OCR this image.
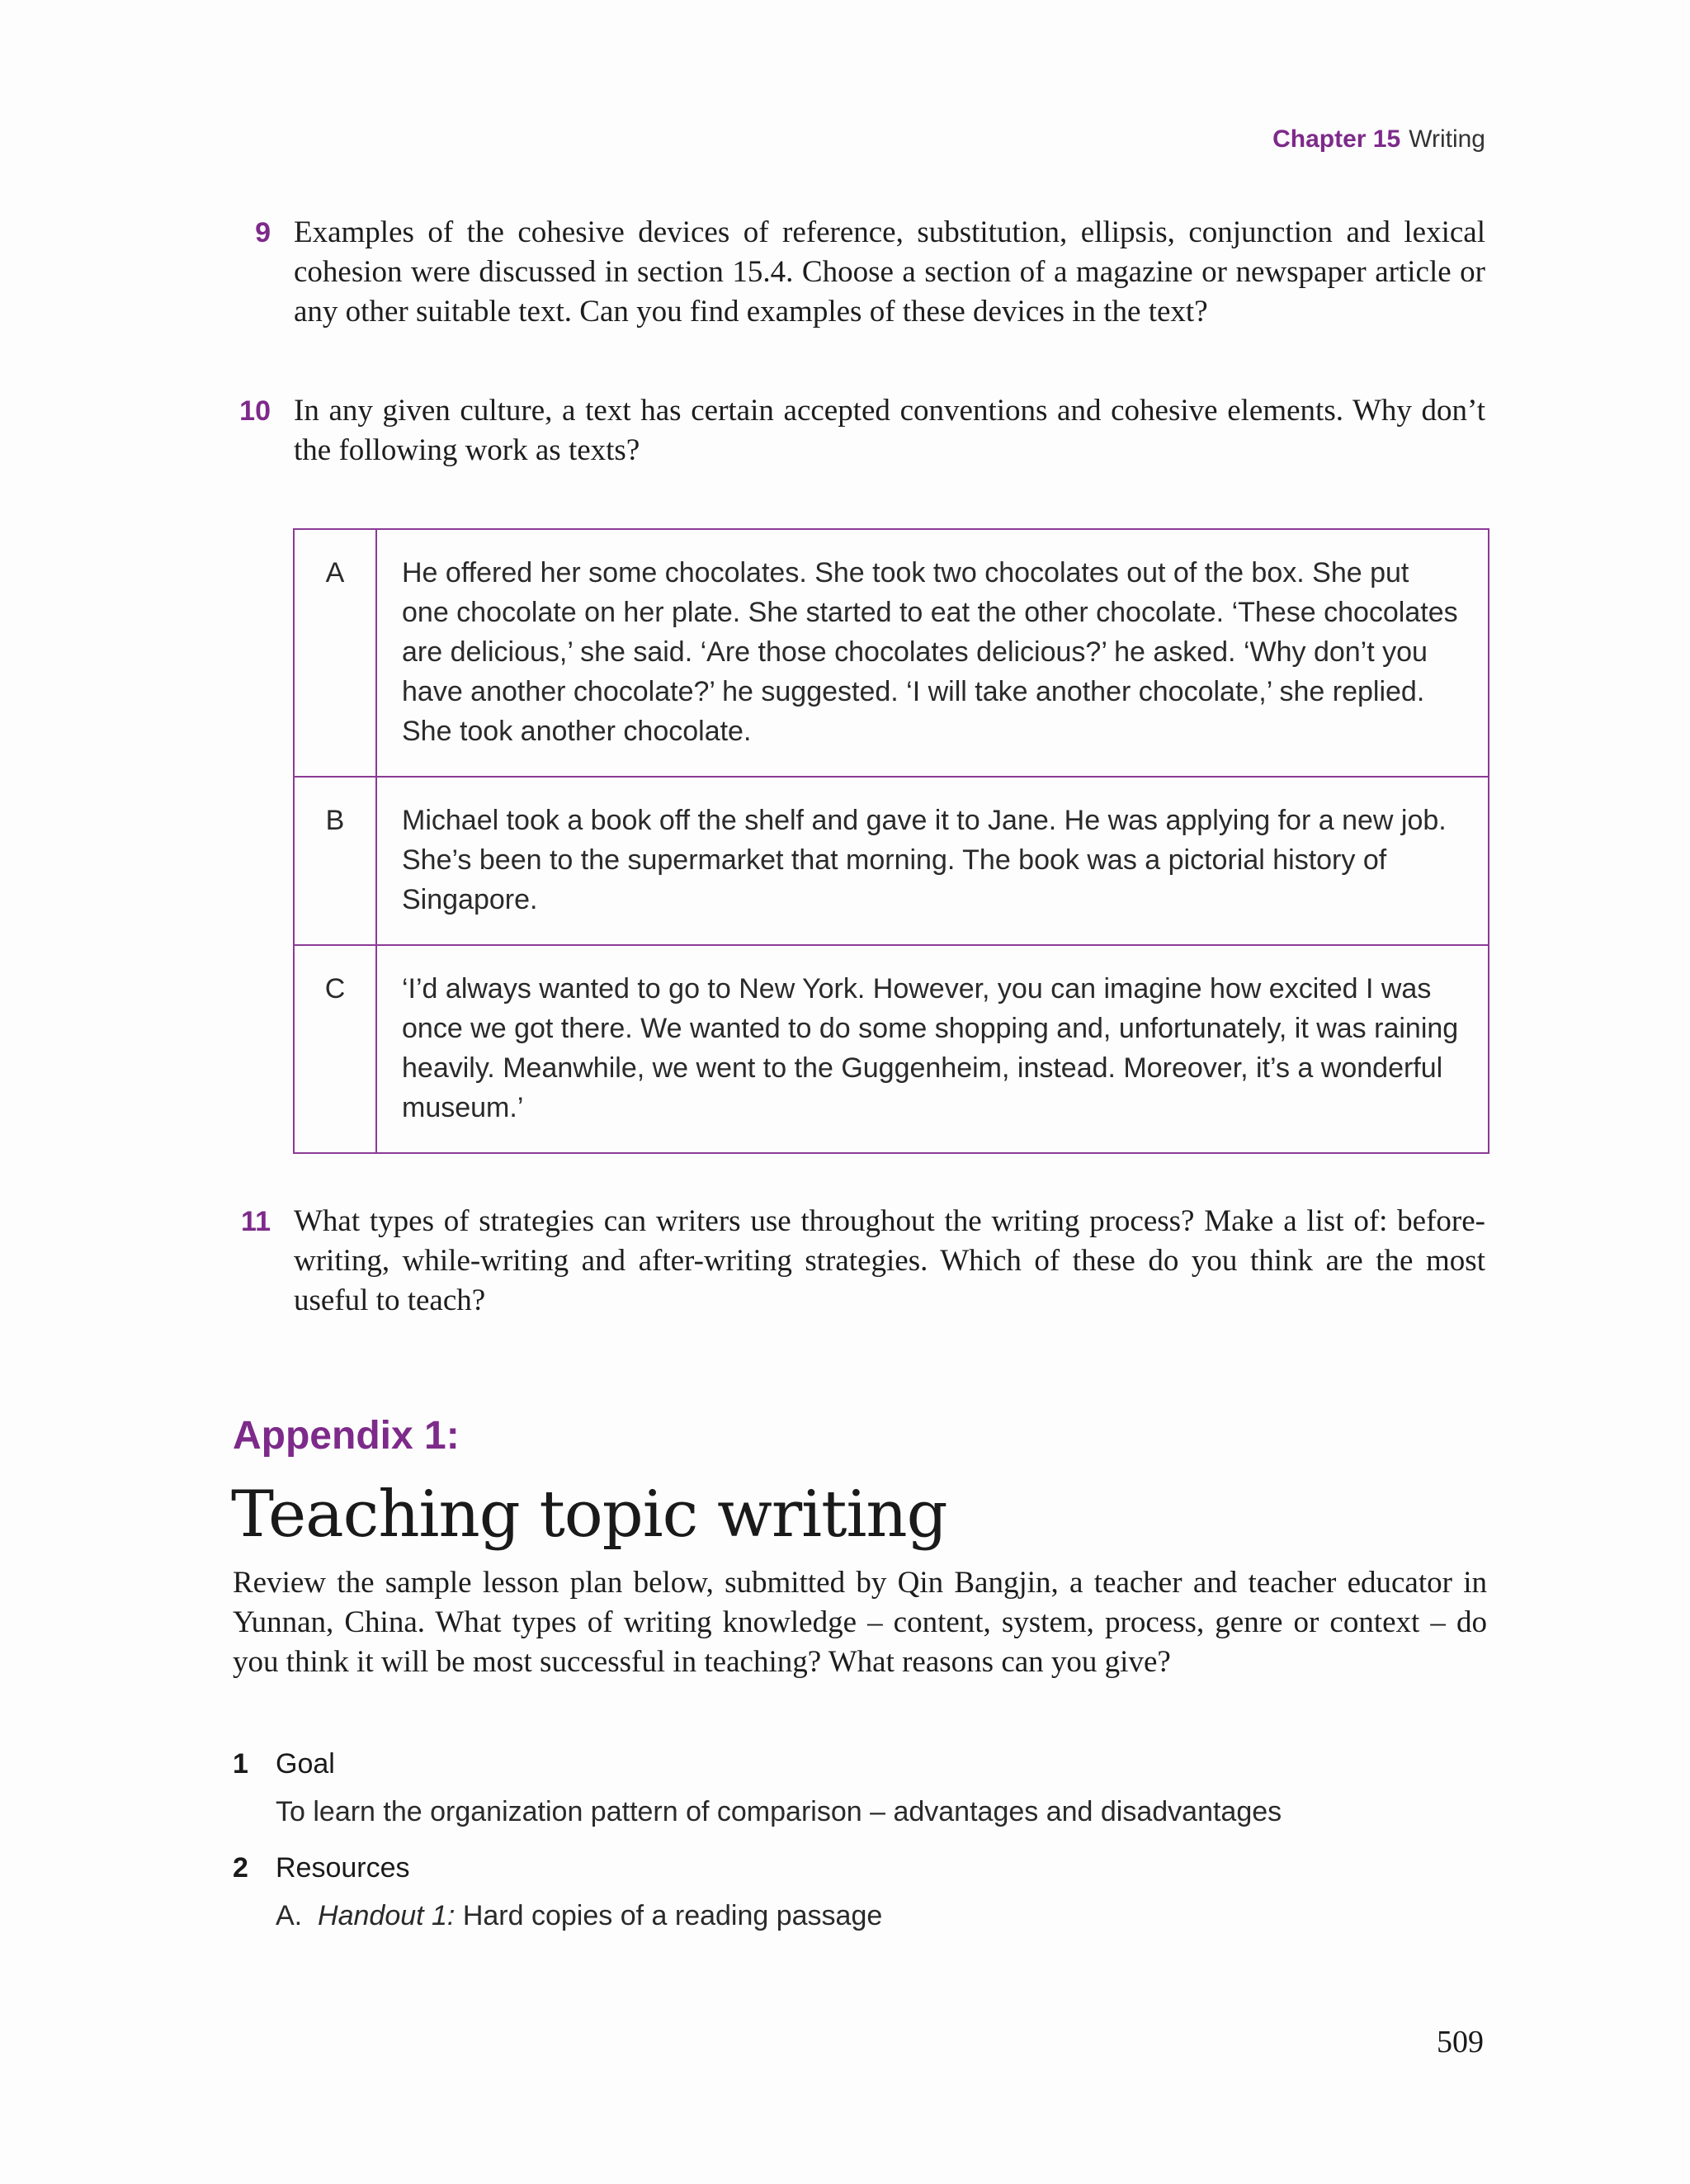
Chapter 15 Writing
9 Examples of the cohesive devices of reference, substitution, ellipsis, conjunction and lexical cohesion were discussed in section 15.4. Choose a section of a magazine or newspaper article or any other suitable text. Can you find examples of these devices in the text?
10 In any given culture, a text has certain accepted conventions and cohesive elements. Why don’t the following work as texts?
A	He offered her some chocolates. She took two chocolates out of the box. She put one chocolate on her plate. She started to eat the other chocolate. ‘These chocolates are delicious,’ she said. ‘Are those chocolates delicious?’ he asked. ‘Why don’t you have another chocolate?’ he suggested. ‘I will take another chocolate,’ she replied. She took another chocolate.
B	Michael took a book off the shelf and gave it to Jane. He was applying for a new job. She’s been to the supermarket that morning. The book was a pictorial history of Singapore.
C	‘I’d always wanted to go to New York. However, you can imagine how excited I was once we got there. We wanted to do some shopping and, unfortunately, it was raining heavily. Meanwhile, we went to the Guggenheim, instead. Moreover, it’s a wonderful museum.’
11 What types of strategies can writers use throughout the writing process? Make a list of: before-writing, while-writing and after-writing strategies. Which of these do you think are the most useful to teach?
Appendix 1:
Teaching topic writing
Review the sample lesson plan below, submitted by Qin Bangjin, a teacher and teacher educator in Yunnan, China. What types of writing knowledge – content, system, process, genre or context – do you think it will be most successful in teaching? What reasons can you give?
1 Goal
To learn the organization pattern of comparison – advantages and disadvantages
2 Resources
A. Handout 1: Hard copies of a reading passage
509
